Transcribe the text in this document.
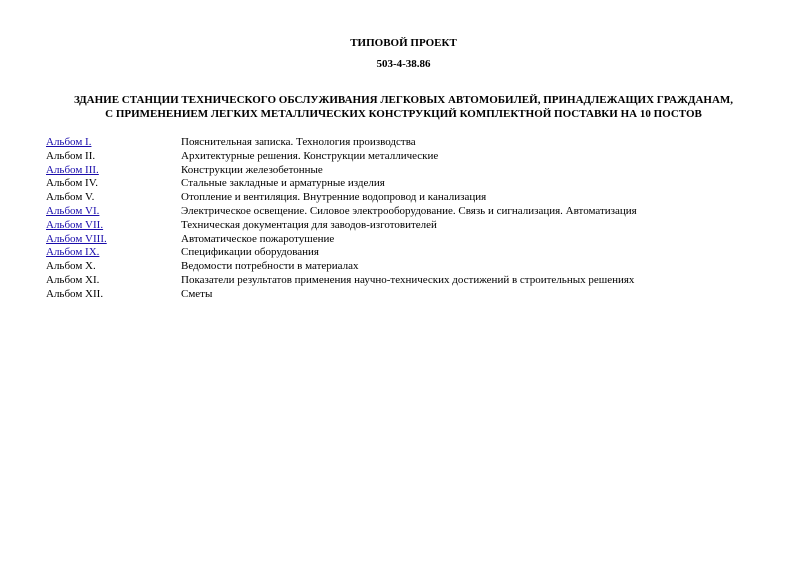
ТИПОВОЙ ПРОЕКТ
503-4-38.86
ЗДАНИЕ СТАНЦИИ ТЕХНИЧЕСКОГО ОБСЛУЖИВАНИЯ ЛЕГКОВЫХ АВТОМОБИЛЕЙ, ПРИНАДЛЕЖАЩИХ ГРАЖДАНАМ,
С ПРИМЕНЕНИЕМ ЛЕГКИХ МЕТАЛЛИЧЕСКИХ КОНСТРУКЦИЙ КОМПЛЕКТНОЙ ПОСТАВКИ НА 10 ПОСТОВ
Альбом I.	Пояснительная записка. Технология производства
Альбом II.	Архитектурные решения. Конструкции металлические
Альбом III.	Конструкции железобетонные
Альбом IV.	Стальные закладные и арматурные изделия
Альбом V.	Отопление и вентиляция. Внутренние водопровод и канализация
Альбом VI.	Электрическое освещение. Силовое электрооборудование. Связь и сигнализация. Автоматизация
Альбом VII.	Техническая документация для заводов-изготовителей
Альбом VIII.	Автоматическое пожаротушение
Альбом IX.	Спецификации оборудования
Альбом X.	Ведомости потребности в материалах
Альбом XI.	Показатели результатов применения научно-технических достижений в строительных решениях
Альбом XII.	Сметы
